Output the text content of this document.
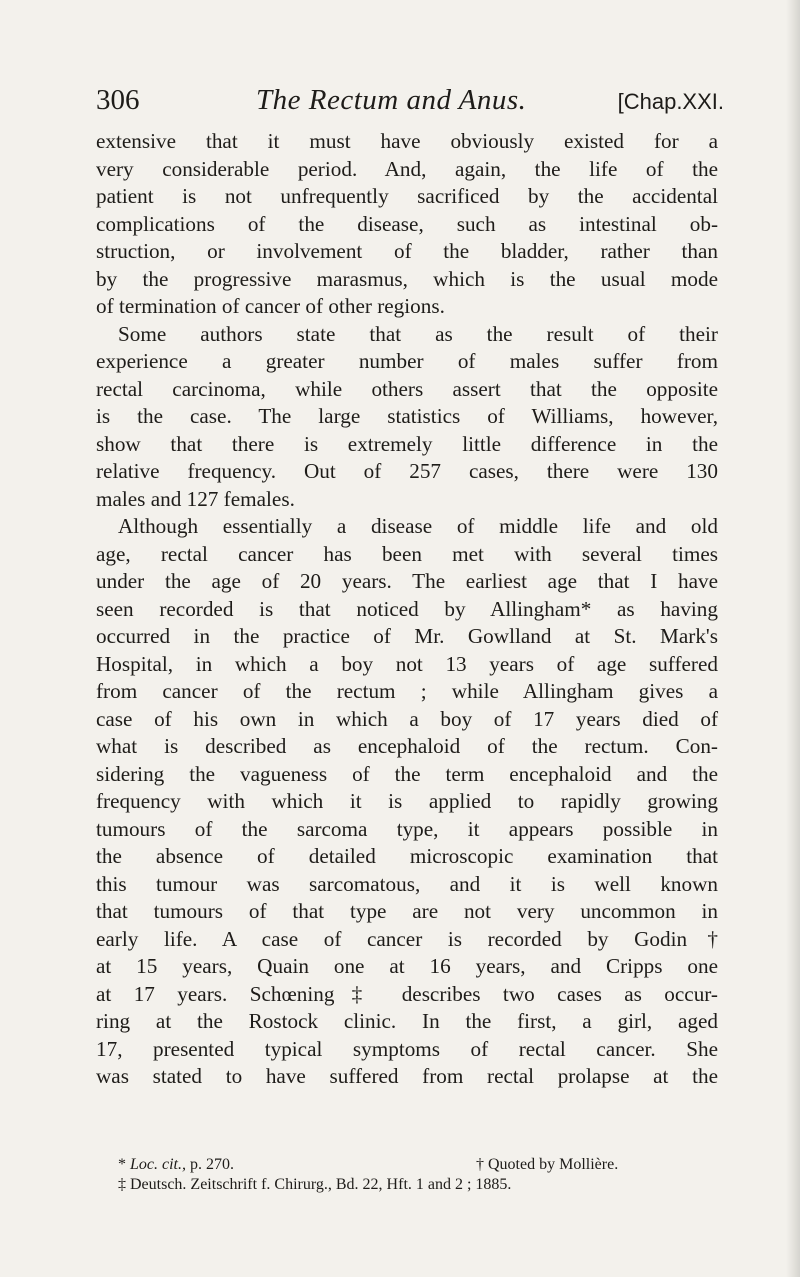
306	The Rectum and Anus.	[Chap.XXI.
extensive that it must have obviously existed for a
very considerable period. And, again, the life of the
patient is not unfrequently sacrificed by the accidental
complications of the disease, such as intestinal ob-
struction, or involvement of the bladder, rather than
by the progressive marasmus, which is the usual mode
of termination of cancer of other regions.
Some authors state that as the result of their
experience a greater number of males suffer from
rectal carcinoma, while others assert that the opposite
is the case. The large statistics of Williams, however,
show that there is extremely little difference in the
relative frequency. Out of 257 cases, there were 130
males and 127 females.
Although essentially a disease of middle life and old
age, rectal cancer has been met with several times
under the age of 20 years. The earliest age that I have
seen recorded is that noticed by Allingham* as having
occurred in the practice of Mr. Gowlland at St. Mark's
Hospital, in which a boy not 13 years of age suffered
from cancer of the rectum ; while Allingham gives a
case of his own in which a boy of 17 years died of
what is described as encephaloid of the rectum. Con-
sidering the vagueness of the term encephaloid and the
frequency with which it is applied to rapidly growing
tumours of the sarcoma type, it appears possible in
the absence of detailed microscopic examination that
this tumour was sarcomatous, and it is well known
that tumours of that type are not very uncommon in
early life. A case of cancer is recorded by Godin†
at 15 years, Quain one at 16 years, and Cripps one
at 17 years. Schœning‡ describes two cases as occur-
ring at the Rostock clinic. In the first, a girl, aged
17, presented typical symptoms of rectal cancer. She
was stated to have suffered from rectal prolapse at the
* Loc. cit., p. 270.	† Quoted by Mollière.
‡ Deutsch. Zeitschrift f. Chirurg., Bd. 22, Hft. 1 and 2 ; 1885.
